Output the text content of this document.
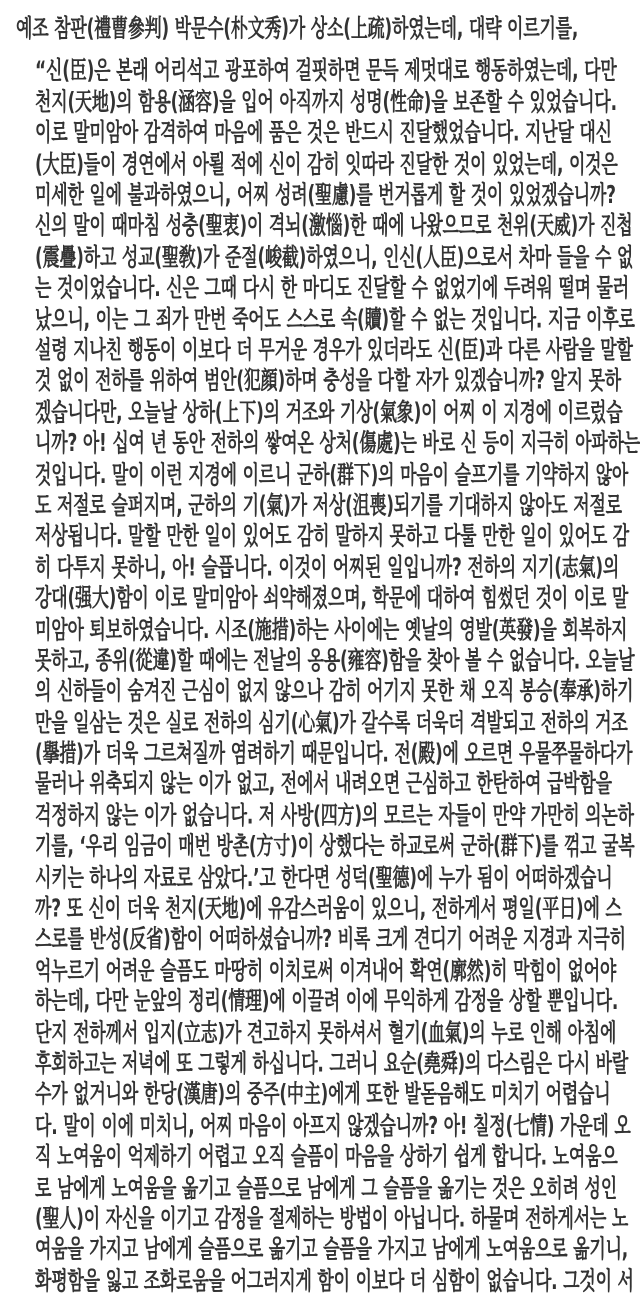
예조 참판(禮曹參判) 박문수(朴文秀)가 상소(上疏)하였는데, 대략 이르기를,
“신(臣)은 본래 어리석고 광포하여 걸핏하면 문득 제멋대로 행동하였는데, 다만
천지(天地)의 함용(涵容)을 입어 아직까지 성명(性命)을 보존할 수 있었습니다.
이로 말미암아 감격하여 마음에 품은 것은 반드시 진달했었습니다. 지난달 대신
(大臣)들이 경연에서 아뢸 적에 신이 감히 잇따라 진달한 것이 있었는데, 이것은
미세한 일에 불과하였으니, 어찌 성려(聖慮)를 번거롭게 할 것이 있었겠습니까?
신의 말이 때마침 성충(聖衷)이 격뇌(激惱)한 때에 나왔으므로 천위(天威)가 진첩
(震疊)하고 성교(聖敎)가 준절(峻截)하였으니, 인신(人臣)으로서 차마 들을 수 없
는 것이었습니다. 신은 그때 다시 한 마디도 진달할 수 없었기에 두려워 떨며 물러
났으니, 이는 그 죄가 만번 죽어도 스스로 속(贖)할 수 없는 것입니다. 지금 이후로
설령 지나친 행동이 이보다 더 무거운 경우가 있더라도 신(臣)과 다른 사람을 말할
것 없이 전하를 위하여 범안(犯顔)하며 충성을 다할 자가 있겠습니까? 알지 못하
겠습니다만, 오늘날 상하(上下)의 거조와 기상(氣象)이 어찌 이 지경에 이르렀습
니까? 아! 십여 년 동안 전하의 쌓여온 상처(傷處)는 바로 신 등이 지극히 아파하는
것입니다. 말이 이런 지경에 이르니 군하(群下)의 마음이 슬프기를 기약하지 않아
도 저절로 슬퍼지며, 군하의 기(氣)가 저상(沮喪)되기를 기대하지 않아도 저절로
저상됩니다. 말할 만한 일이 있어도 감히 말하지 못하고 다툴 만한 일이 있어도 감
히 다투지 못하니, 아! 슬픕니다. 이것이 어찌된 일입니까? 전하의 지기(志氣)의
강대(强大)함이 이로 말미암아 쇠약해졌으며, 학문에 대하여 힘썼던 것이 이로 말
미암아 퇴보하였습니다. 시조(施措)하는 사이에는 옛날의 영발(英發)을 회복하지
못하고, 종위(從違)할 때에는 전날의 옹용(雍容)함을 찾아 볼 수 없습니다. 오늘날
의 신하들이 숨겨진 근심이 없지 않으나 감히 어기지 못한 채 오직 봉승(奉承)하기
만을 일삼는 것은 실로 전하의 심기(心氣)가 갈수록 더욱더 격발되고 전하의 거조
(擧措)가 더욱 그르쳐질까 염려하기 때문입니다. 전(殿)에 오르면 우물쭈물하다가
물러나 위축되지 않는 이가 없고, 전에서 내려오면 근심하고 한탄하여 급박함을
걱정하지 않는 이가 없습니다. 저 사방(四方)의 모르는 자들이 만약 가만히 의논하
기를, ‘우리 임금이 매번 방촌(方寸)이 상했다는 하교로써 군하(群下)를 꺾고 굴복
시키는 하나의 자료로 삼았다.’고 한다면 성덕(聖德)에 누가 됨이 어떠하겠습니
까? 또 신이 더욱 천지(天地)에 유감스러움이 있으니, 전하게서 평일(平日)에 스
스로를 반성(反省)함이 어떠하셨습니까? 비록 크게 견디기 어려운 지경과 지극히
억누르기 어려운 슬픔도 마땅히 이치로써 이겨내어 확연(廓然)히 막힘이 없어야
하는데, 다만 눈앞의 정리(情理)에 이끌려 이에 무익하게 감정을 상할 뿐입니다.
단지 전하께서 입지(立志)가 견고하지 못하셔서 혈기(血氣)의 누로 인해 아침에
후회하고는 저녁에 또 그렇게 하십니다. 그러니 요순(堯舜)의 다스림은 다시 바랄
수가 없거니와 한당(漢唐)의 중주(中主)에게 또한 발돋음해도 미치기 어렵습니
다. 말이 이에 미치니, 어찌 마음이 아프지 않겠습니까? 아! 칠정(七情) 가운데 오
직 노여움이 억제하기 어렵고 오직 슬픔이 마음을 상하기 쉽게 합니다. 노여움으
로 남에게 노여움을 옮기고 슬픔으로 남에게 그 슬픔을 옮기는 것은 오히려 성인
(聖人)이 자신을 이기고 감정을 절제하는 방법이 아닙니다. 하물며 전하게서는 노
여움을 가지고 남에게 슬픔으로 옮기고 슬픔을 가지고 남에게 노여움으로 옮기니,
화평함을 잃고 조화로움을 어그러지게 함이 이보다 더 심함이 없습니다. 그것이 서
